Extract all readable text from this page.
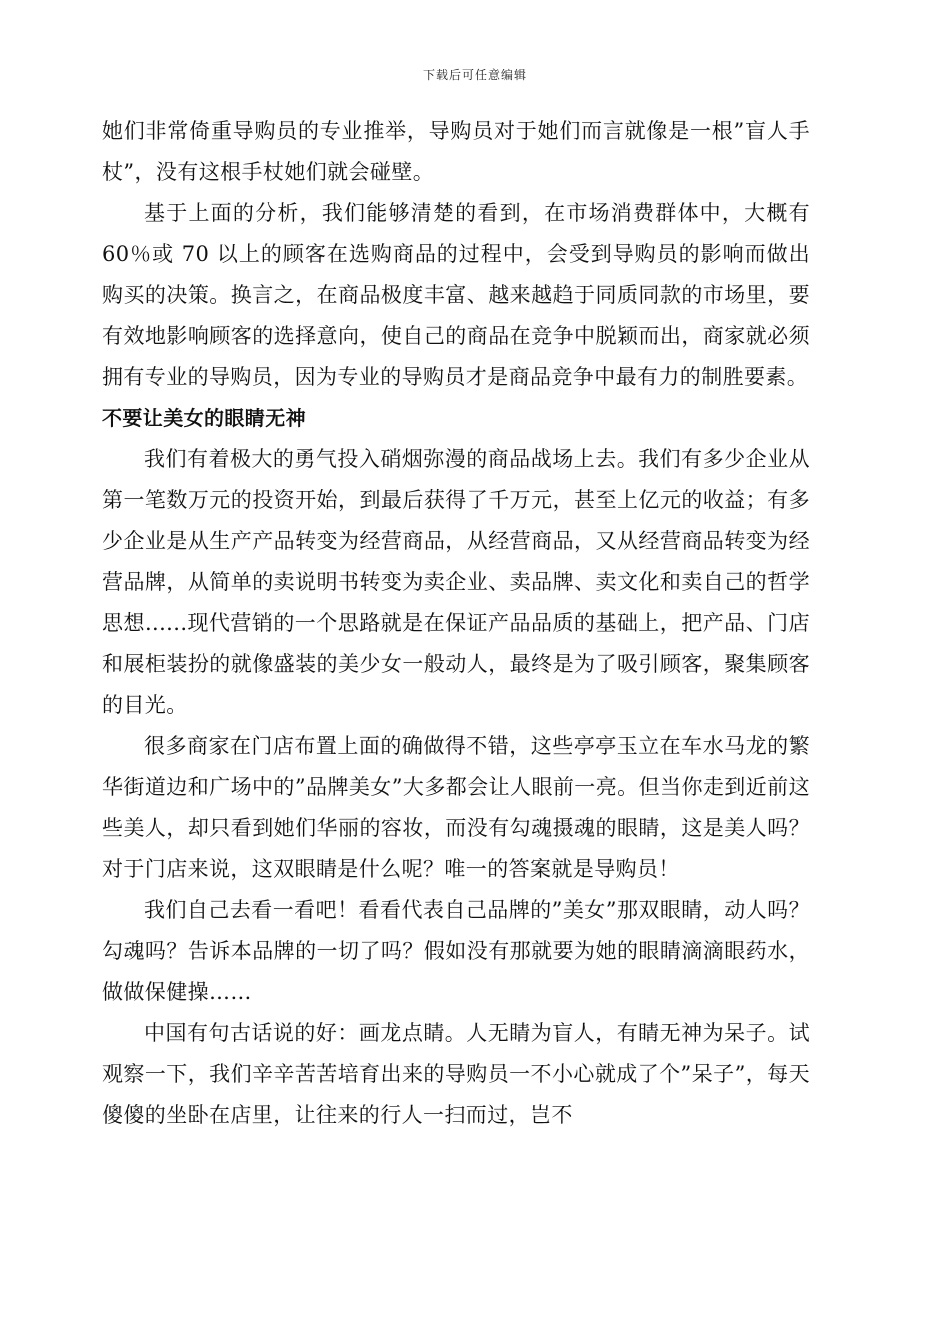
下载后可任意编辑

她们非常倚重导购员的专业推举，导购员对于她们而言就像是一根”盲人手杖”，没有这根手杖她们就会碰壁。

基于上面的分析，我们能够清楚的看到，在市场消费群体中，大概有 60％或 70 以上的顾客在选购商品的过程中，会受到导购员的影响而做出购买的决策。换言之，在商品极度丰富、越来越趋于同质同款的市场里，要有效地影响顾客的选择意向，使自己的商品在竞争中脱颖而出，商家就必须拥有专业的导购员，因为专业的导购员才是商品竞争中最有力的制胜要素。

不要让美女的眼睛无神

我们有着极大的勇气投入硝烟弥漫的商品战场上去。我们有多少企业从第一笔数万元的投资开始，到最后获得了千万元，甚至上亿元的收益；有多少企业是从生产产品转变为经营商品，从经营商品，又从经营商品转变为经营品牌，从简单的卖说明书转变为卖企业、卖品牌、卖文化和卖自己的哲学思想......现代营销的一个思路就是在保证产品品质的基础上，把产品、门店和展柜装扮的就像盛装的美少女一般动人，最终是为了吸引顾客，聚集顾客的目光。

很多商家在门店布置上面的确做得不错，这些亭亭玉立在车水马龙的繁华街道边和广场中的”品牌美女”大多都会让人眼前一亮。但当你走到近前这些美人，却只看到她们华丽的容妆，而没有勾魂摄魂的眼睛，这是美人吗？对于门店来说，这双眼睛是什么呢？唯一的答案就是导购员！

我们自己去看一看吧！看看代表自己品牌的”美女”那双眼睛，动人吗？勾魂吗？告诉本品牌的一切了吗？假如没有那就要为她的眼睛滴滴眼药水，做做保健操……

中国有句古话说的好：画龙点睛。人无睛为盲人，有睛无神为呆子。试观察一下，我们辛辛苦苦培育出来的导购员一不小心就成了个”呆子”，每天傻傻的坐卧在店里，让往来的行人一扫而过，岂不
